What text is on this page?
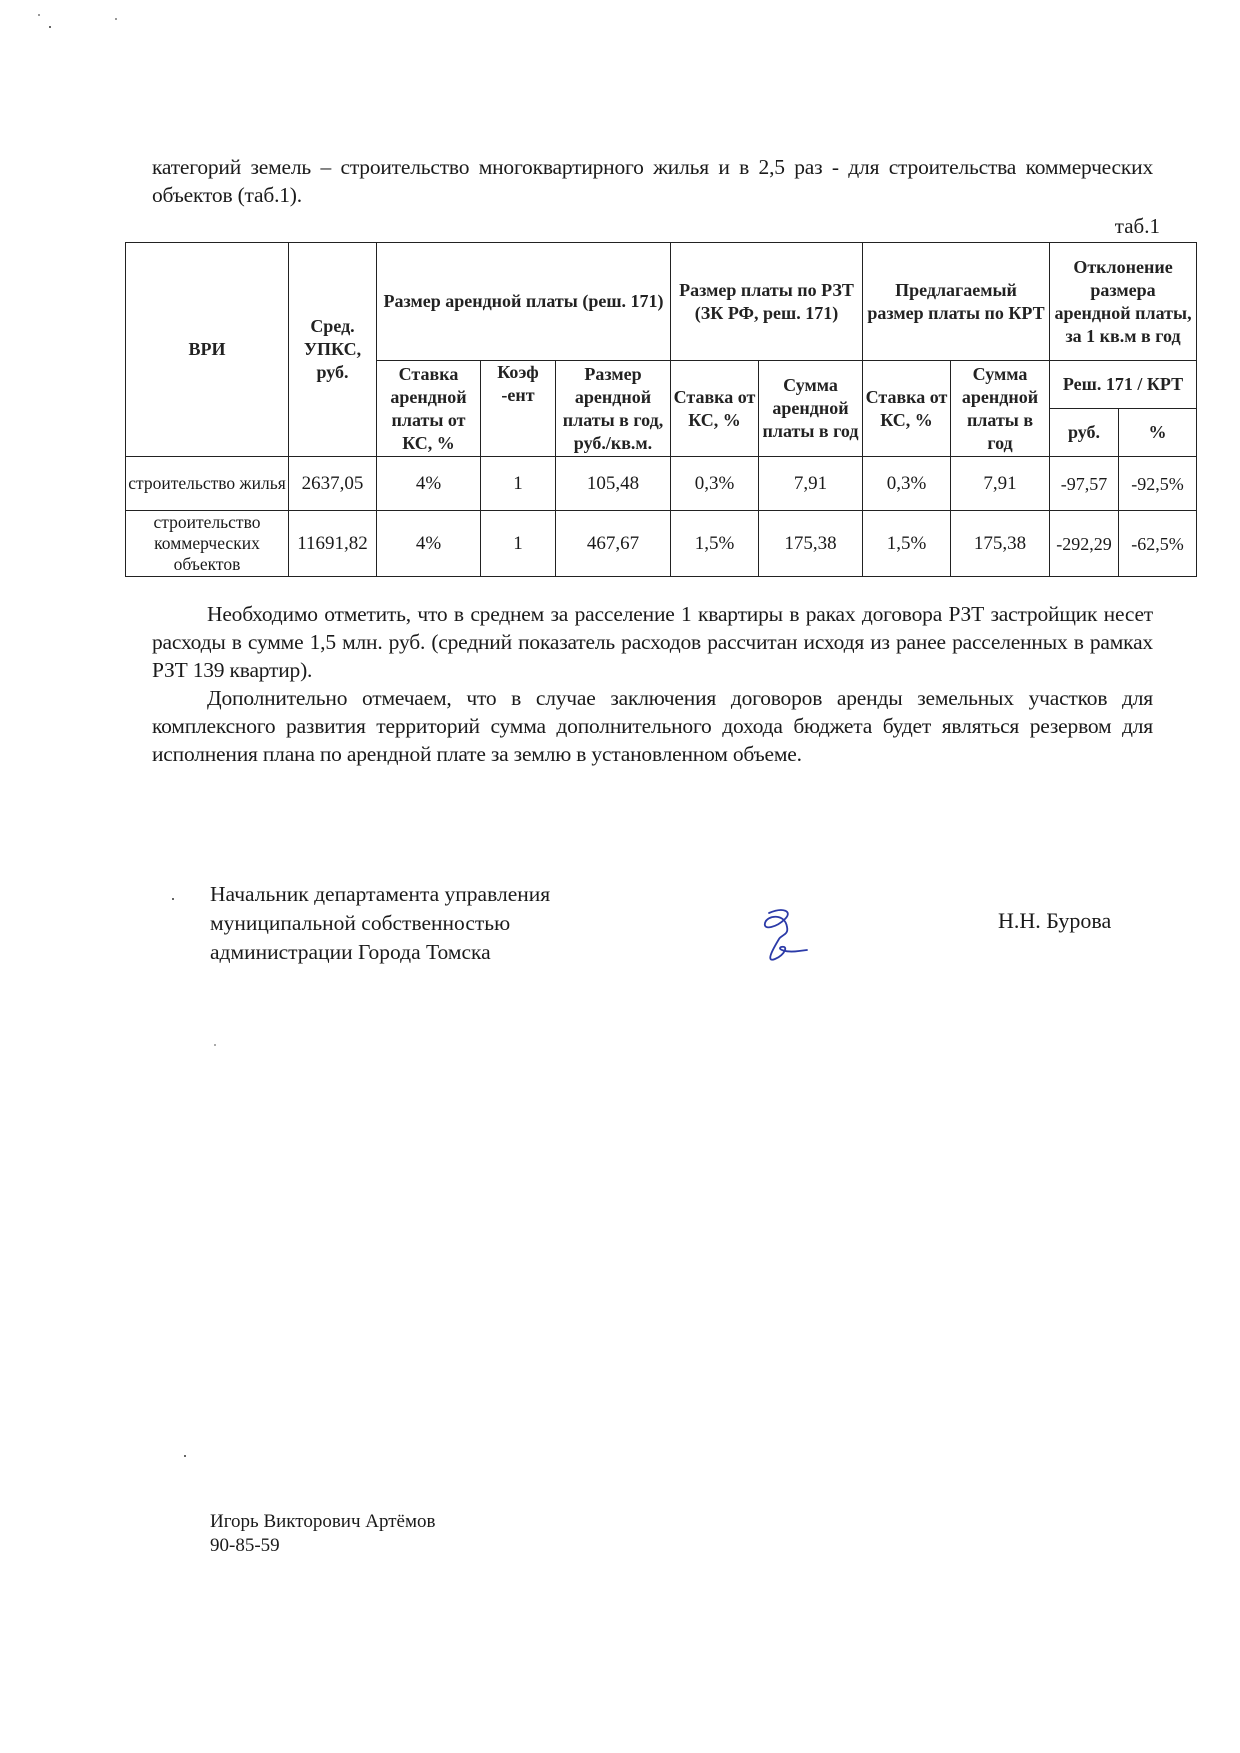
категорий земель – строительство многоквартирного жилья и в 2,5 раз - для строительства коммерческих объектов (таб.1).

таб.1
ВРИ	Сред. УПКС, руб.	Размер арендной платы (реш. 171)			Размер платы по РЗТ (ЗК РФ, реш. 171)		Предлагаемый размер платы по КРТ		Отклонение размера арендной платы, за 1 кв.м в год	
		Ставка арендной платы от КС, %	Коэф -ент	Размер арендной платы в год, руб./кв.м.	Ставка от КС, %	Сумма арендной платы в год	Ставка от КС, %	Сумма арендной платы в год	Реш. 171 / КРТ	
									руб.	%
строительство жилья	2637,05	4%	1	105,48	0,3%	7,91	0,3%	7,91	-97,57	-92,5%
строительство коммерческих объектов	11691,82	4%	1	467,67	1,5%	175,38	1,5%	175,38	-292,29	-62,5%

Необходимо отметить, что в среднем за расселение 1 квартиры в раках договора РЗТ застройщик несет расходы в сумме 1,5 млн. руб. (средний показатель расходов рассчитан исходя из ранее расселенных в рамках РЗТ 139 квартир).

Дополнительно отмечаем, что в случае заключения договоров аренды земельных участков для комплексного развития территорий сумма дополнительного дохода бюджета будет являться резервом для исполнения плана по арендной плате за землю в установленном объеме.

Начальник департамента управления
муниципальной собственностью
администрации Города Томска
Н.Н. Бурова
Игорь Викторович Артёмов
90-85-59
